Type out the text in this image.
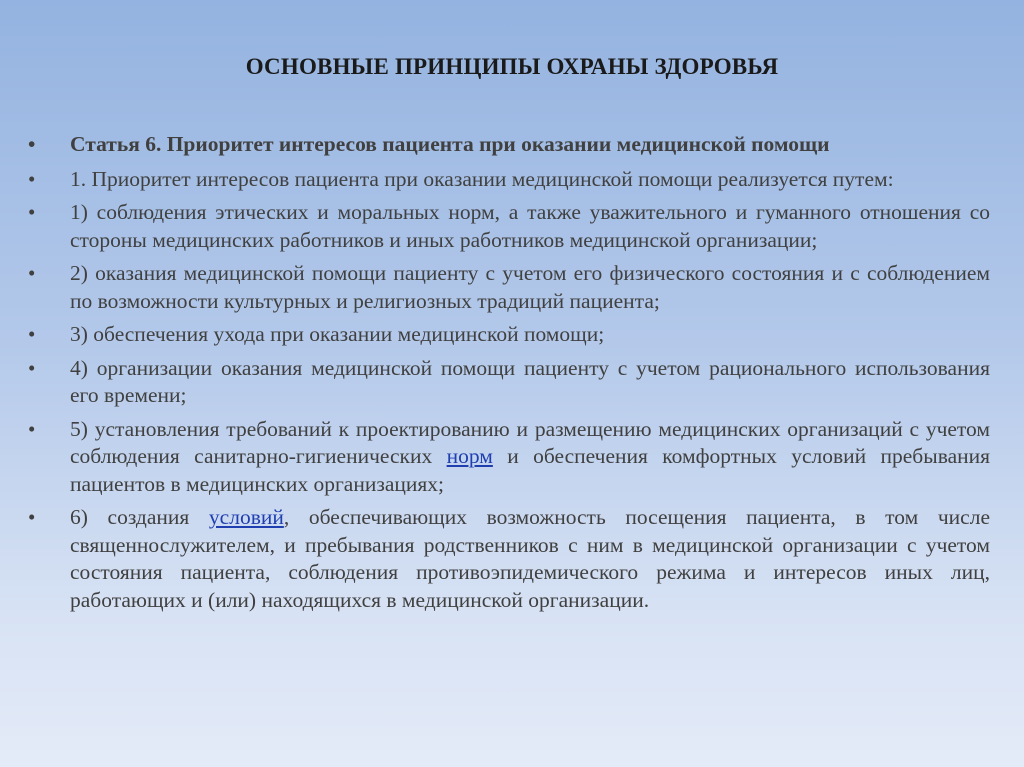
ОСНОВНЫЕ ПРИНЦИПЫ ОХРАНЫ ЗДОРОВЬЯ
•	Статья 6. Приоритет интересов пациента при оказании медицинской помощи
•	1. Приоритет интересов пациента при оказании медицинской помощи реализуется путем:
•	1) соблюдения этических и моральных норм, а также уважительного и гуманного отношения со стороны медицинских работников и иных работников медицинской организации;
•	2) оказания медицинской помощи пациенту с учетом его физического состояния и с соблюдением по возможности культурных и религиозных традиций пациента;
•	3) обеспечения ухода при оказании медицинской помощи;
•	4) организации оказания медицинской помощи пациенту с учетом рационального использования его времени;
•	5) установления требований к проектированию и размещению медицинских организаций с учетом соблюдения санитарно-гигиенических норм и обеспечения комфортных условий пребывания пациентов в медицинских организациях;
•	6) создания условий, обеспечивающих возможность посещения пациента, в том числе священнослужителем, и пребывания родственников с ним в медицинской организации с учетом состояния пациента, соблюдения противоэпидемического режима и интересов иных лиц, работающих и (или) находящихся в медицинской организации.
